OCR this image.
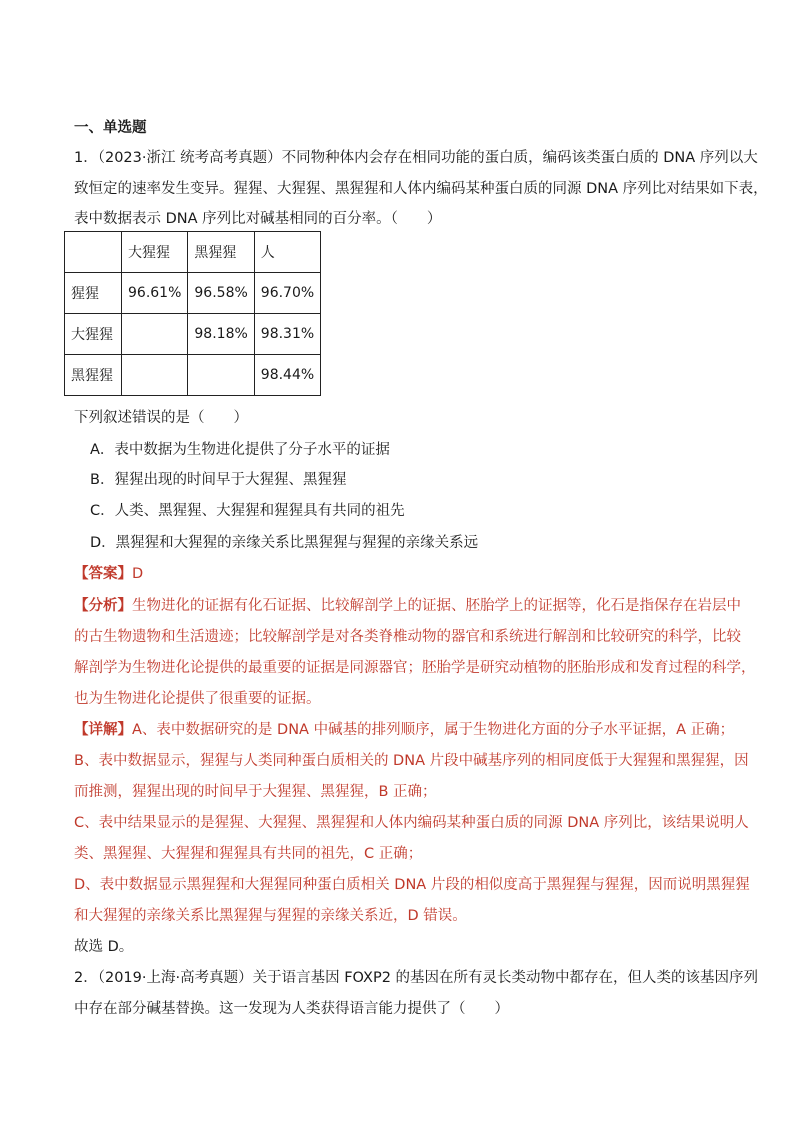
一、单选题
1．（2023·浙江 统考高考真题）不同物种体内会存在相同功能的蛋白质，编码该类蛋白质的 DNA 序列以大
致恒定的速率发生变异。猩猩、大猩猩、黑猩猩和人体内编码某种蛋白质的同源 DNA 序列比对结果如下表，
表中数据表示 DNA 序列比对碱基相同的百分率。（　　）
	大猩猩	黑猩猩	人
猩猩	96.61%	96.58%	96.70%
大猩猩		98.18%	98.31%
黑猩猩			98.44%
下列叙述错误的是（　　）
A．表中数据为生物进化提供了分子水平的证据
B．猩猩出现的时间早于大猩猩、黑猩猩
C．人类、黑猩猩、大猩猩和猩猩具有共同的祖先
D．黑猩猩和大猩猩的亲缘关系比黑猩猩与猩猩的亲缘关系远
【答案】D
【分析】生物进化的证据有化石证据、比较解剖学上的证据、胚胎学上的证据等，化石是指保存在岩层中
的古生物遗物和生活遗迹；比较解剖学是对各类脊椎动物的器官和系统进行解剖和比较研究的科学，比较
解剖学为生物进化论提供的最重要的证据是同源器官；胚胎学是研究动植物的胚胎形成和发育过程的科学，
也为生物进化论提供了很重要的证据。
【详解】A、表中数据研究的是 DNA 中碱基的排列顺序，属于生物进化方面的分子水平证据，A 正确；
B、表中数据显示，猩猩与人类同种蛋白质相关的 DNA 片段中碱基序列的相同度低于大猩猩和黑猩猩，因
而推测，猩猩出现的时间早于大猩猩、黑猩猩，B 正确；
C、表中结果显示的是猩猩、大猩猩、黑猩猩和人体内编码某种蛋白质的同源 DNA 序列比，该结果说明人
类、黑猩猩、大猩猩和猩猩具有共同的祖先，C 正确；
D、表中数据显示黑猩猩和大猩猩同种蛋白质相关 DNA 片段的相似度高于黑猩猩与猩猩，因而说明黑猩猩
和大猩猩的亲缘关系比黑猩猩与猩猩的亲缘关系近，D 错误。
故选 D。
2．（2019·上海·高考真题）关于语言基因 FOXP2 的基因在所有灵长类动物中都存在，但人类的该基因序列
中存在部分碱基替换。这一发现为人类获得语言能力提供了（　　）
